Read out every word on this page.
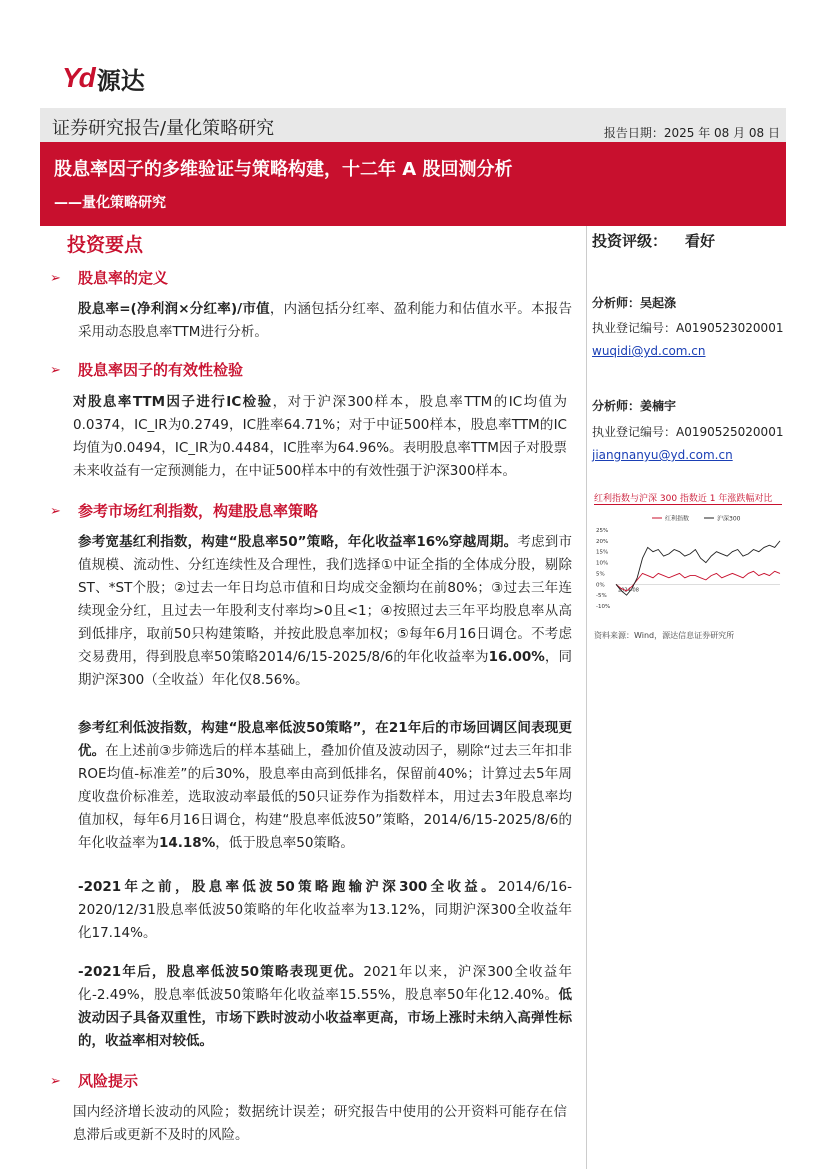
Yd 源达
证券研究报告/量化策略研究	报告日期：2025 年 08 月 08 日
股息率因子的多维验证与策略构建，十二年 A 股回测分析
——量化策略研究
投资要点
➢ 股息率的定义
股息率=(净利润×分红率)/市值，内涵包括分红率、盈利能力和估值水平。本报告采用动态股息率TTM进行分析。
➢ 股息率因子的有效性检验
对股息率TTM因子进行IC检验，对于沪深300样本，股息率TTM的IC均值为0.0374，IC_IR为0.2749，IC胜率64.71%；对于中证500样本，股息率TTM的IC均值为0.0494，IC_IR为0.4484，IC胜率为64.96%。表明股息率TTM因子对股票未来收益有一定预测能力，在中证500样本中的有效性强于沪深300样本。
➢ 参考市场红利指数，构建股息率策略
参考宽基红利指数，构建“股息率50”策略，年化收益率16%穿越周期。考虑到市值规模、流动性、分红连续性及合理性，我们选择①中证全指的全体成分股，剔除ST、*ST个股；②过去一年日均总市值和日均成交金额均在前80%；③过去三年连续现金分红，且过去一年股利支付率均>0且<1；④按照过去三年平均股息率从高到低排序，取前50只构建策略，并按此股息率加权；⑤每年6月16日调仓。不考虑交易费用，得到股息率50策略2014/6/15-2025/8/6的年化收益率为16.00%，同期沪深300（全收益）年化仅8.56%。
参考红利低波指数，构建“股息率低波50策略”，在21年后的市场回调区间表现更优。在上述前③步筛选后的样本基础上，叠加价值及波动因子，剔除“过去三年扣非ROE均值-标准差”的后30%，股息率由高到低排名，保留前40%；计算过去5年周度收盘价标准差，选取波动率最低的50只证券作为指数样本，用过去3年股息率均值加权，每年6月16日调仓，构建“股息率低波50”策略，2014/6/15-2025/8/6的年化收益率为14.18%，低于股息率50策略。
-2021年之前，股息率低波50策略跑输沪深300全收益。2014/6/16-2020/12/31股息率低波50策略的年化收益率为13.12%，同期沪深300全收益年化17.14%。
-2021年后，股息率低波50策略表现更优。2021年以来，沪深300全收益年化-2.49%，股息率低波50策略年化收益率15.55%，股息率50年化12.40%。低波动因子具备双重性，市场下跌时波动小收益率更高，市场上涨时未纳入高弹性标的，收益率相对较低。
➢ 风险提示
国内经济增长波动的风险；数据统计误差；研究报告中使用的公开资料可能存在信息滞后或更新不及时的风险。
投资评级： 看好
分析师：吴起涤
执业登记编号：A0190523020001
wuqidi@yd.com.cn
分析师：姜楠宇
执业登记编号：A0190525020001
jiangnanyu@yd.com.cn
红利指数与沪深 300 指数近 1 年涨跌幅对比
红利指数	沪深300
25%
20%
15%
10%
5%
0%
-5%
-10%
2024-08
资料来源：Wind，源达信息证券研究所
